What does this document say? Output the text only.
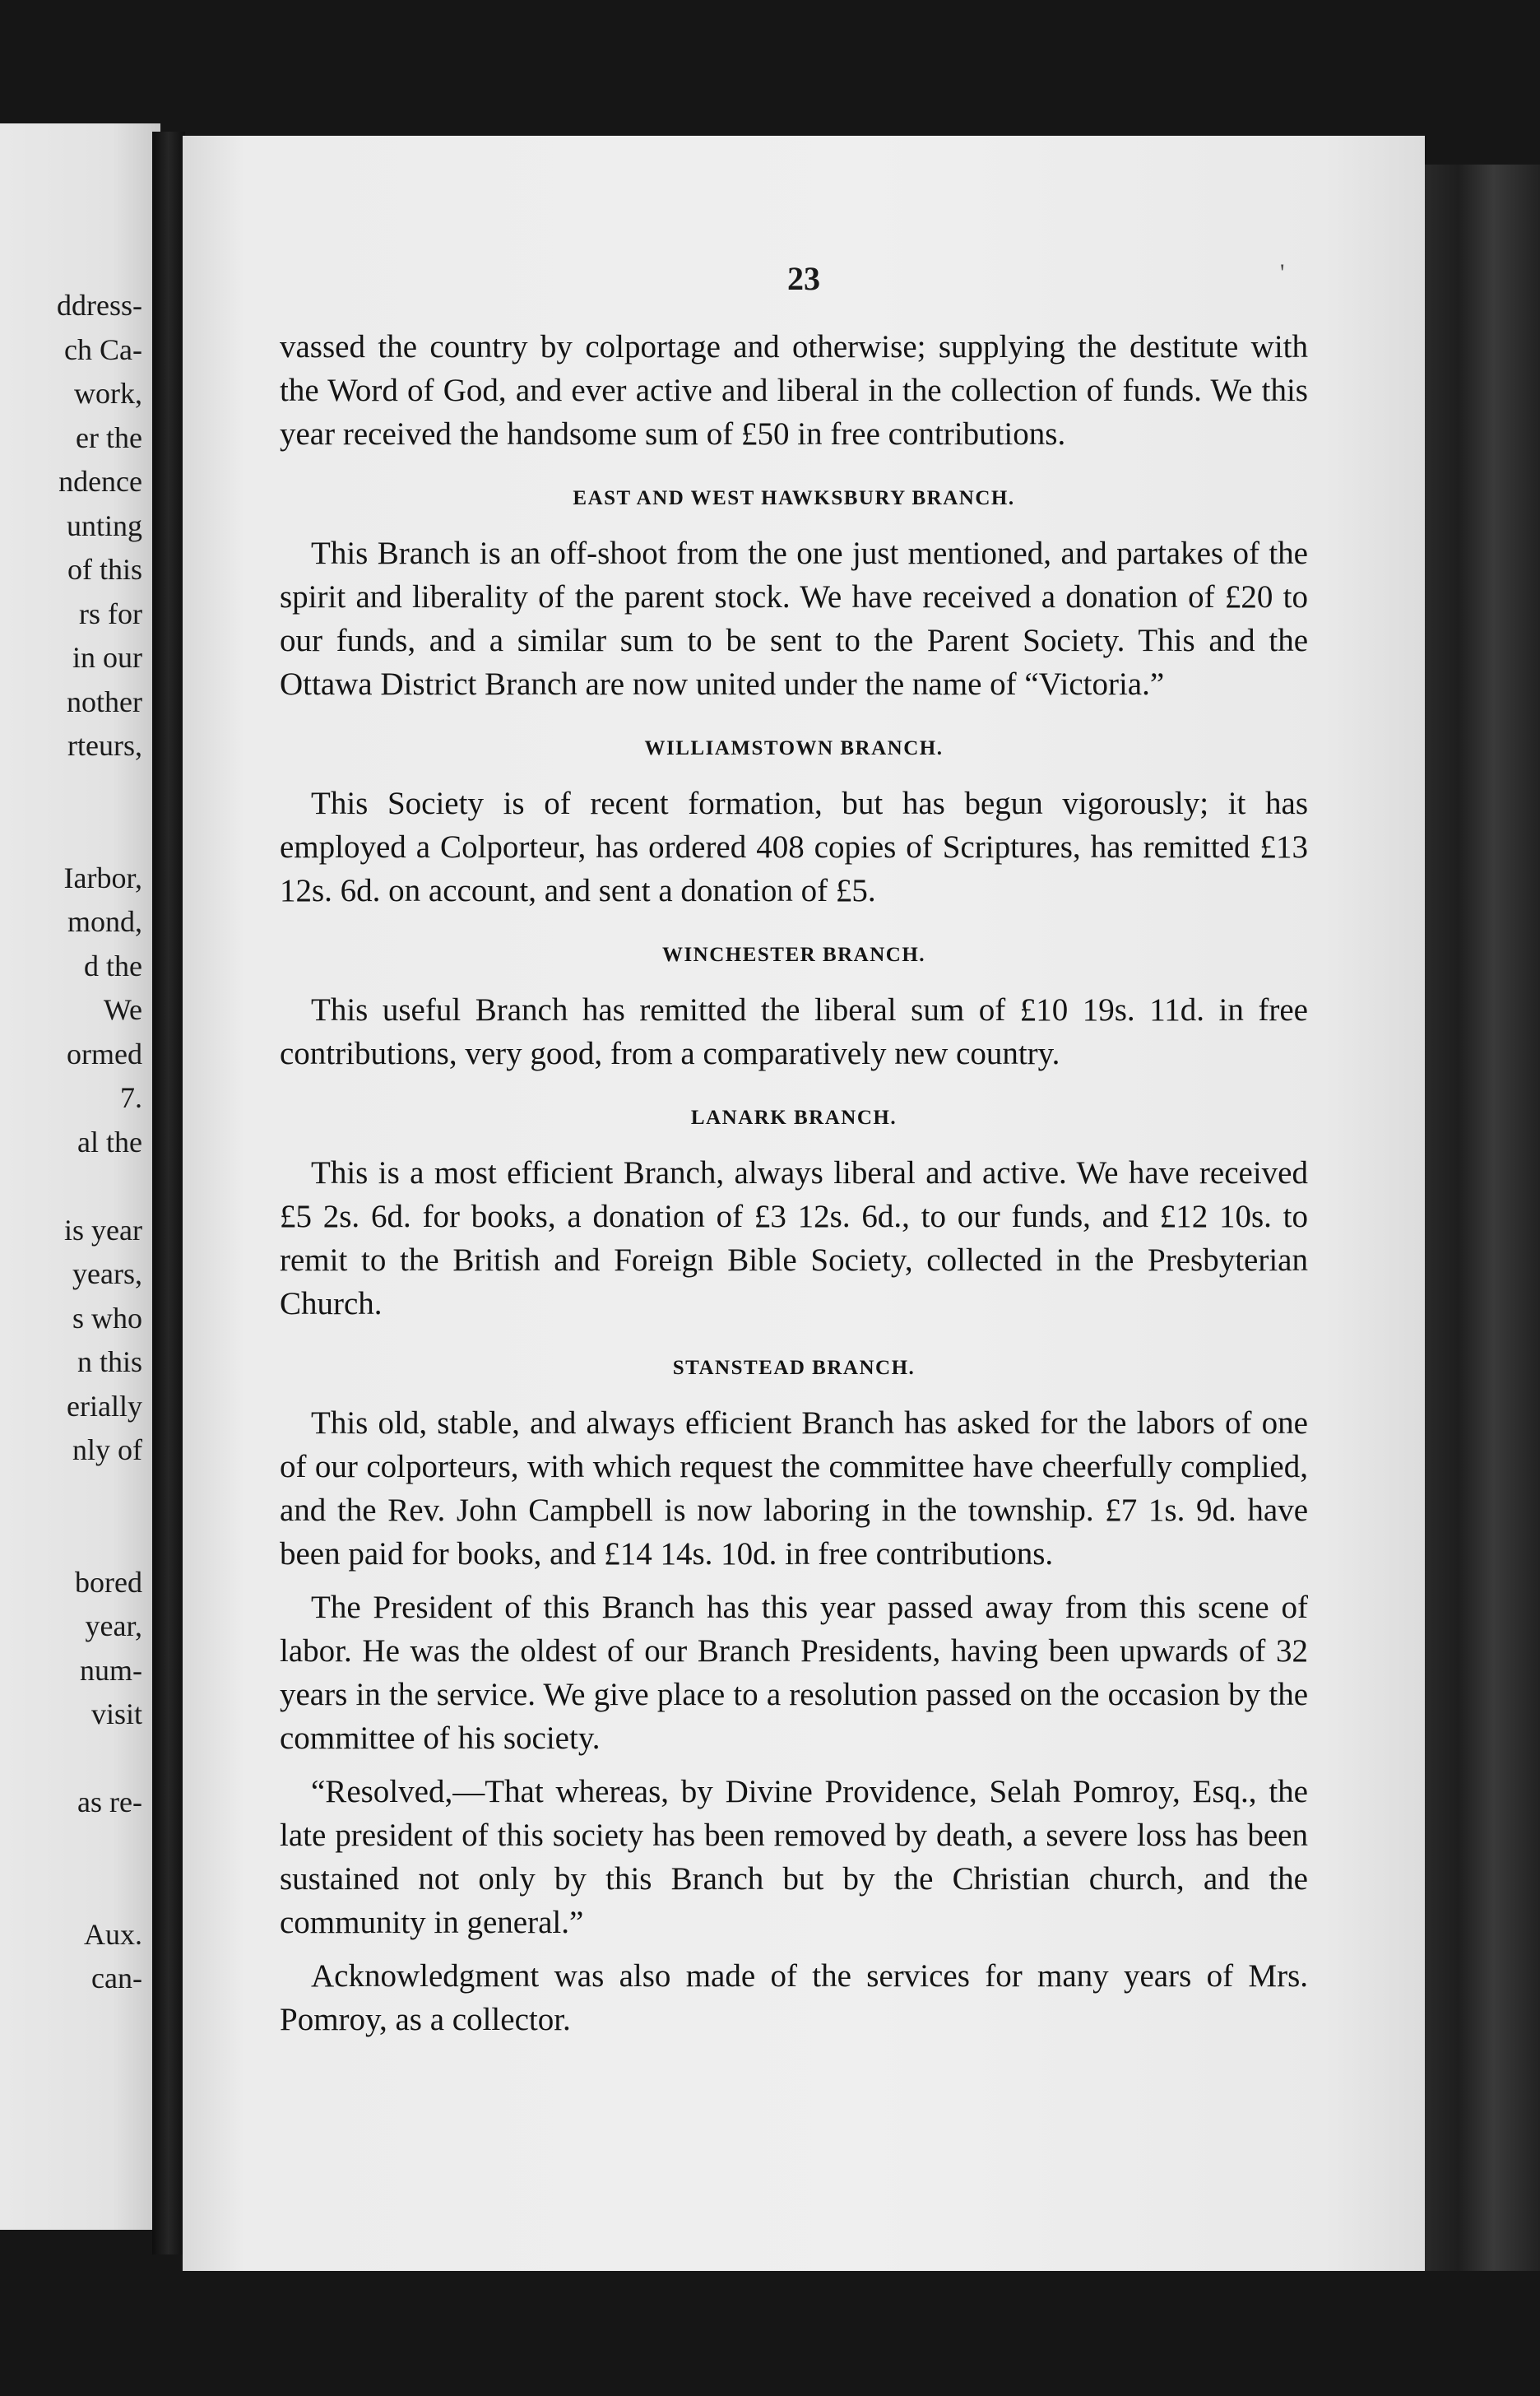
ddress-

ch Ca-

work,

er the

ndence

unting

of this

rs for

in our

nother

rteurs,

Iarbor,

mond,

d the

We

ormed

7.

al the

is year

years,

s who

n this

erially

nly of

bored

year,

num-

visit

as re-

Aux.

can-

'

23

vassed the country by colportage and otherwise; supplying the destitute with the Word of God, and ever active and liberal in the collection of funds. We this year received the handsome sum of £50 in free contributions.

EAST AND WEST HAWKSBURY BRANCH.

This Branch is an off-shoot from the one just mentioned, and partakes of the spirit and liberality of the parent stock. We have received a donation of £20 to our funds, and a similar sum to be sent to the Parent Society. This and the Ottawa District Branch are now united under the name of “Victoria.”

WILLIAMSTOWN BRANCH.

This Society is of recent formation, but has begun vigorously; it has employed a Colporteur, has ordered 408 copies of Scriptures, has remitted £13 12s. 6d. on account, and sent a donation of £5.

WINCHESTER BRANCH.

This useful Branch has remitted the liberal sum of £10 19s. 11d. in free contributions, very good, from a comparatively new country.

LANARK BRANCH.

This is a most efficient Branch, always liberal and active. We have received £5 2s. 6d. for books, a donation of £3 12s. 6d., to our funds, and £12 10s. to remit to the British and Foreign Bible Society, collected in the Presbyterian Church.

STANSTEAD BRANCH.

This old, stable, and always efficient Branch has asked for the labors of one of our colporteurs, with which request the committee have cheerfully complied, and the Rev. John Campbell is now laboring in the township. £7 1s. 9d. have been paid for books, and £14 14s. 10d. in free contributions.

The President of this Branch has this year passed away from this scene of labor. He was the oldest of our Branch Presidents, having been upwards of 32 years in the service. We give place to a resolution passed on the occasion by the committee of his society.

“Resolved,—That whereas, by Divine Providence, Selah Pomroy, Esq., the late president of this society has been removed by death, a severe loss has been sustained not only by this Branch but by the Christian church, and the community in general.”

Acknowledgment was also made of the services for many years of Mrs. Pomroy, as a collector.
